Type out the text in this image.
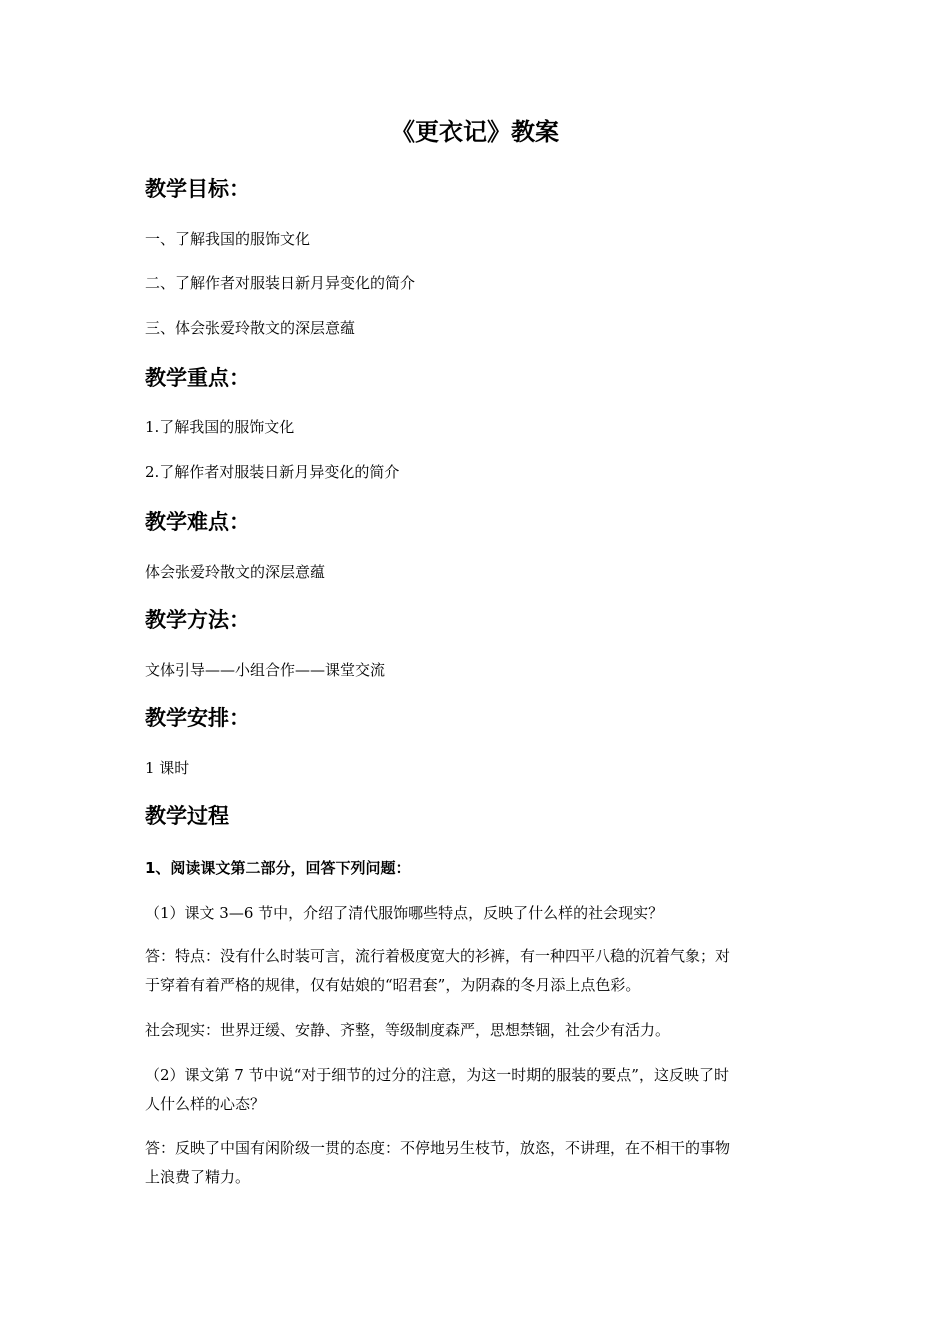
《更衣记》教案
教学目标：
一、了解我国的服饰文化
二、了解作者对服装日新月异变化的简介
三、体会张爱玲散文的深层意蕴
教学重点：
1.了解我国的服饰文化
2.了解作者对服装日新月异变化的简介
教学难点：
体会张爱玲散文的深层意蕴
教学方法：
文体引导——小组合作——课堂交流
教学安排：
1 课时
教学过程
1、阅读课文第二部分，回答下列问题：
（1）课文 3—6 节中，介绍了清代服饰哪些特点，反映了什么样的社会现实？
答：特点：没有什么时装可言，流行着极度宽大的衫裤，有一种四平八稳的沉着气象；对
于穿着有着严格的规律，仅有姑娘的“昭君套”，为阴森的冬月添上点色彩。
社会现实：世界迂缓、安静、齐整，等级制度森严，思想禁锢，社会少有活力。
（2）课文第 7 节中说“对于细节的过分的注意，为这一时期的服装的要点”，这反映了时
人什么样的心态？
答：反映了中国有闲阶级一贯的态度：不停地另生枝节，放恣，不讲理，在不相干的事物
上浪费了精力。
